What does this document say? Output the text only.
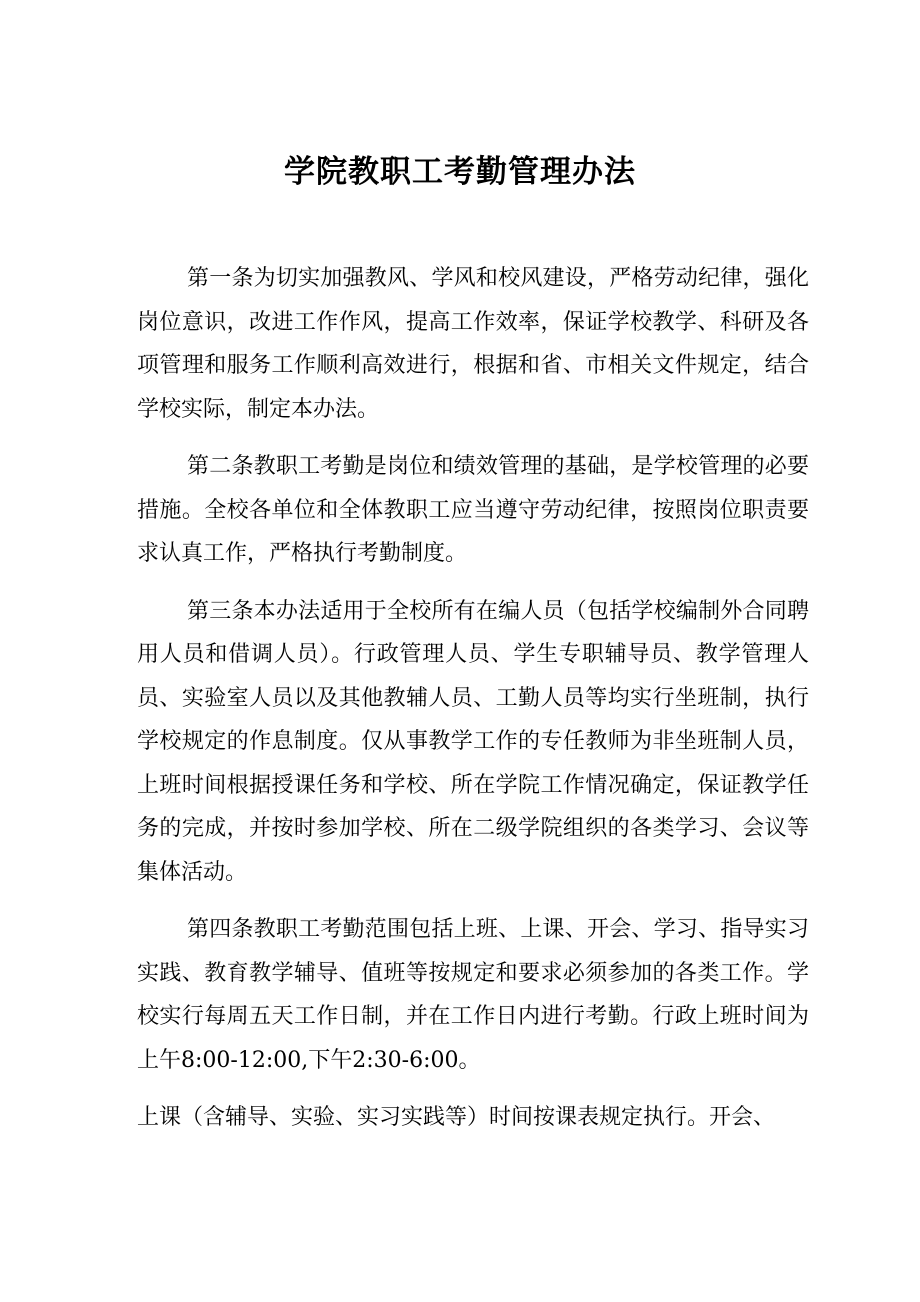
学院教职工考勤管理办法

第一条为切实加强教风、学风和校风建设，严格劳动纪律，强化岗位意识，改进工作作风，提高工作效率，保证学校教学、科研及各项管理和服务工作顺利高效进行，根据和省、市相关文件规定，结合学校实际，制定本办法。

第二条教职工考勤是岗位和绩效管理的基础，是学校管理的必要措施。全校各单位和全体教职工应当遵守劳动纪律，按照岗位职责要求认真工作，严格执行考勤制度。

第三条本办法适用于全校所有在编人员（包括学校编制外合同聘用人员和借调人员）。行政管理人员、学生专职辅导员、教学管理人员、实验室人员以及其他教辅人员、工勤人员等均实行坐班制，执行学校规定的作息制度。仅从事教学工作的专任教师为非坐班制人员，上班时间根据授课任务和学校、所在学院工作情况确定，保证教学任务的完成，并按时参加学校、所在二级学院组织的各类学习、会议等集体活动。

第四条教职工考勤范围包括上班、上课、开会、学习、指导实习实践、教育教学辅导、值班等按规定和要求必须参加的各类工作。学校实行每周五天工作日制，并在工作日内进行考勤。行政上班时间为上午8:00-12:00,下午2:30-6:00。

上课（含辅导、实验、实习实践等）时间按课表规定执行。开会、
